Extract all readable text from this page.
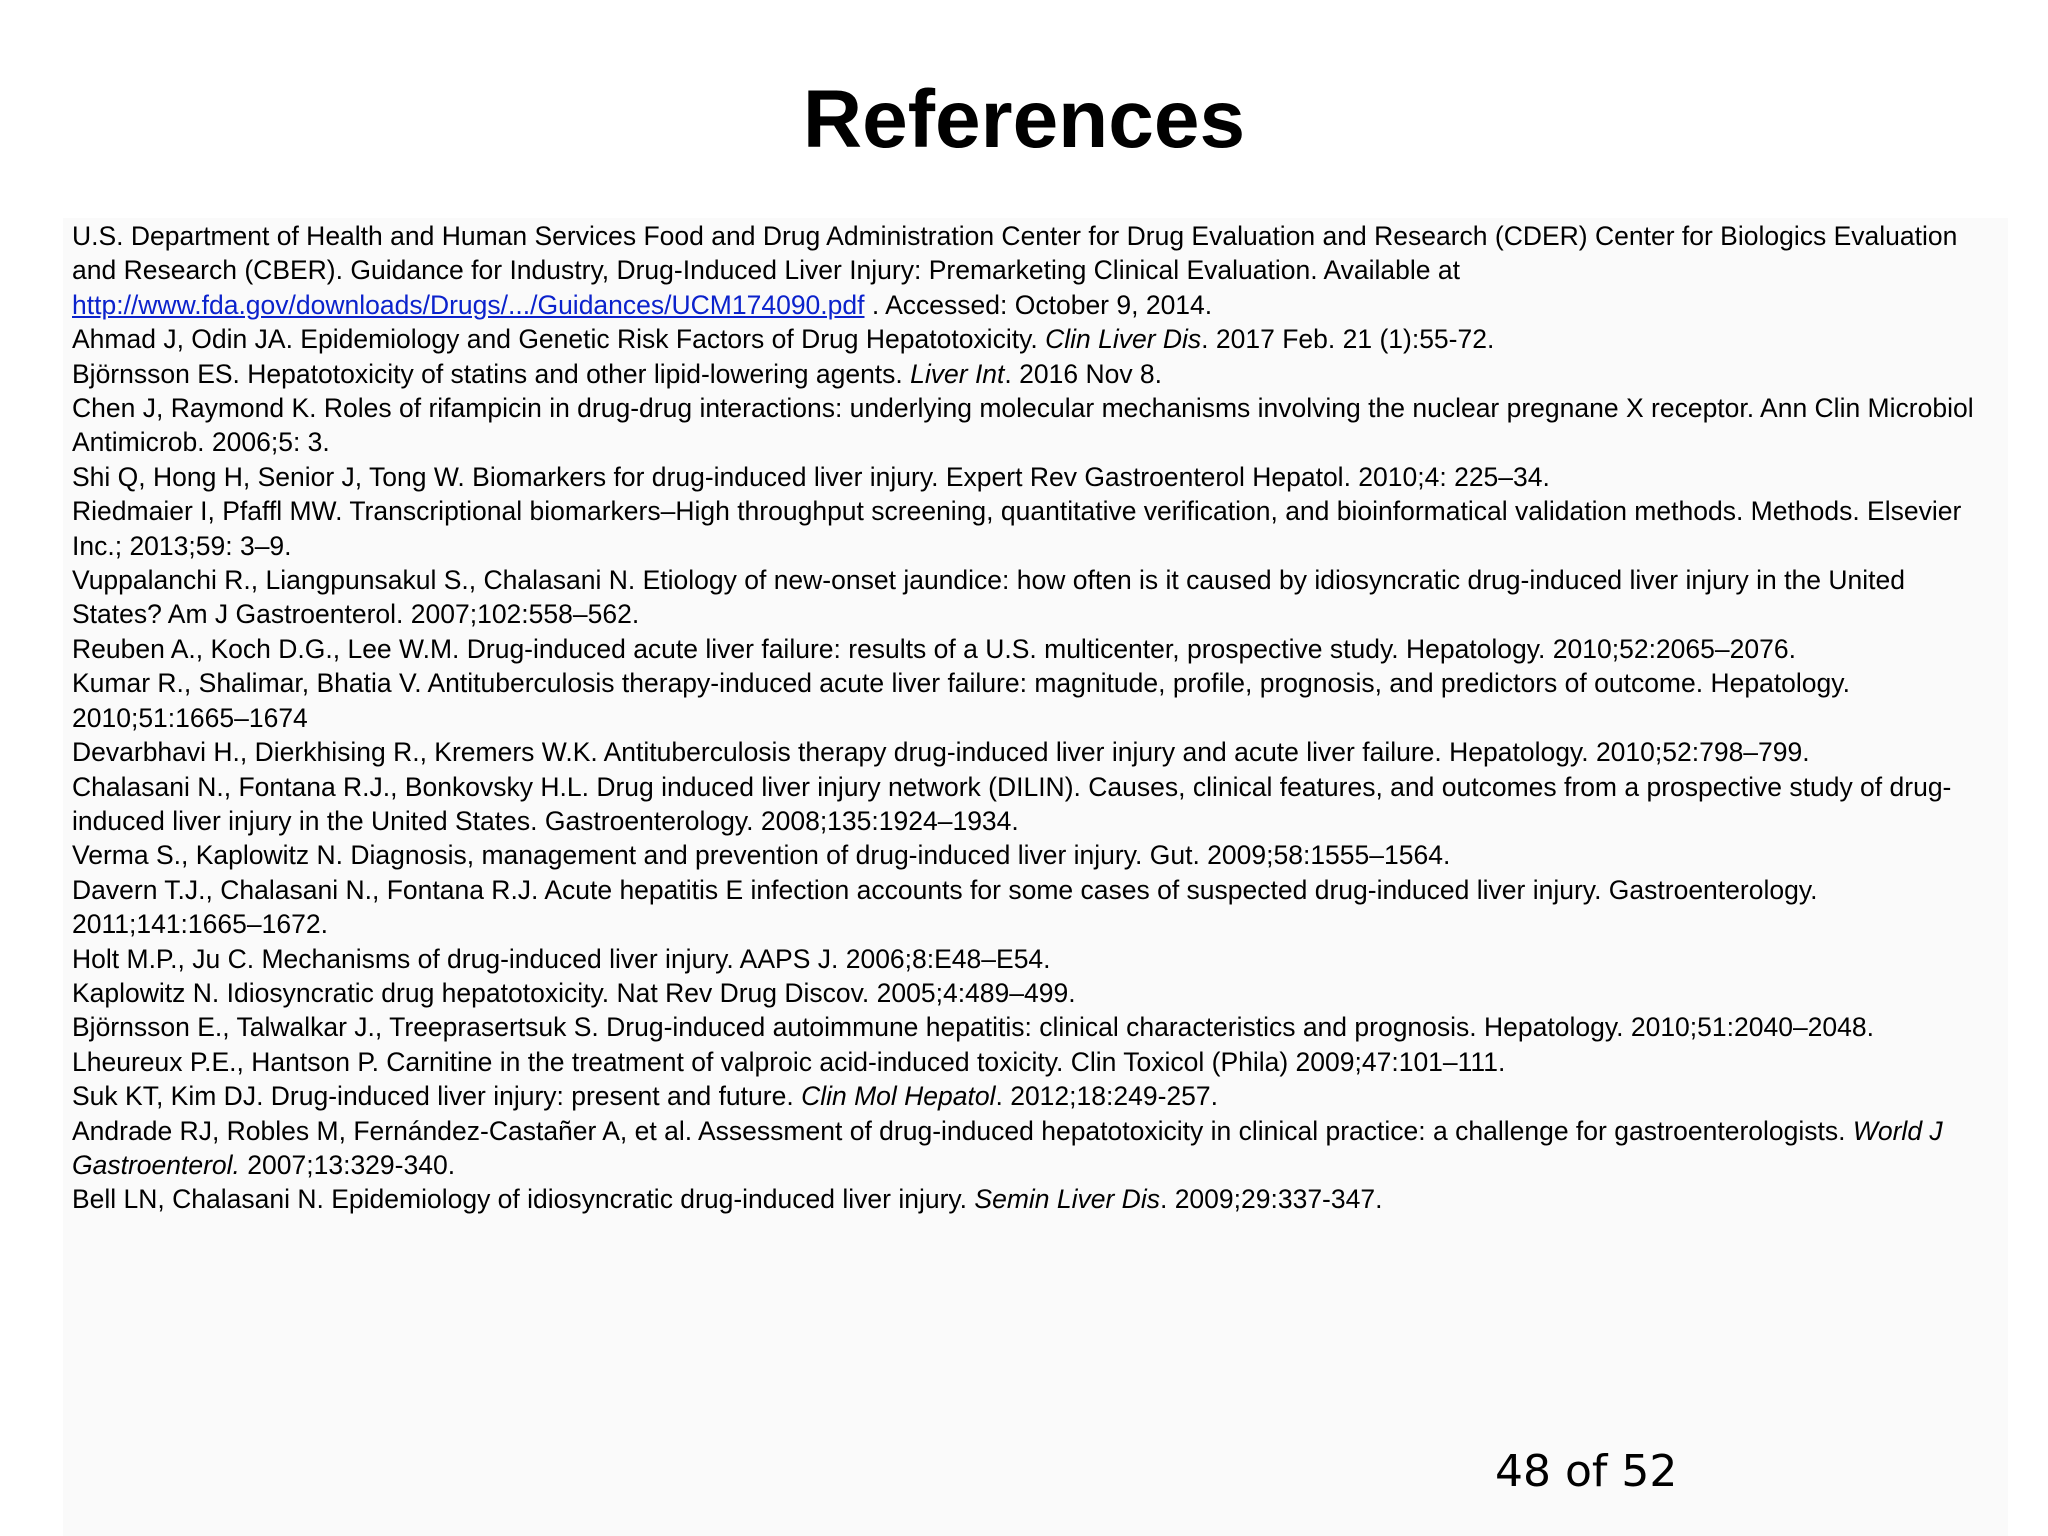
References
U.S. Department of Health and Human Services Food and Drug Administration Center for Drug Evaluation and Research (CDER) Center for Biologics Evaluation and Research (CBER). Guidance for Industry, Drug-Induced Liver Injury: Premarketing Clinical Evaluation. Available at http://www.fda.gov/downloads/Drugs/.../Guidances/UCM174090.pdf . Accessed: October 9, 2014.
Ahmad J, Odin JA. Epidemiology and Genetic Risk Factors of Drug Hepatotoxicity. Clin Liver Dis. 2017 Feb. 21 (1):55-72.
Björnsson ES. Hepatotoxicity of statins and other lipid-lowering agents. Liver Int. 2016 Nov 8.
Chen J, Raymond K. Roles of rifampicin in drug-drug interactions: underlying molecular mechanisms involving the nuclear pregnane X receptor. Ann Clin Microbiol Antimicrob. 2006;5: 3.
Shi Q, Hong H, Senior J, Tong W. Biomarkers for drug-induced liver injury. Expert Rev Gastroenterol Hepatol. 2010;4: 225–34.
Riedmaier I, Pfaffl MW. Transcriptional biomarkers–High throughput screening, quantitative verification, and bioinformatical validation methods. Methods. Elsevier Inc.; 2013;59: 3–9.
Vuppalanchi R., Liangpunsakul S., Chalasani N. Etiology of new-onset jaundice: how often is it caused by idiosyncratic drug-induced liver injury in the United States? Am J Gastroenterol. 2007;102:558–562.
Reuben A., Koch D.G., Lee W.M. Drug-induced acute liver failure: results of a U.S. multicenter, prospective study. Hepatology. 2010;52:2065–2076.
Kumar R., Shalimar, Bhatia V. Antituberculosis therapy-induced acute liver failure: magnitude, profile, prognosis, and predictors of outcome. Hepatology. 2010;51:1665–1674
Devarbhavi H., Dierkhising R., Kremers W.K. Antituberculosis therapy drug-induced liver injury and acute liver failure. Hepatology. 2010;52:798–799.
Chalasani N., Fontana R.J., Bonkovsky H.L. Drug induced liver injury network (DILIN). Causes, clinical features, and outcomes from a prospective study of drug-induced liver injury in the United States. Gastroenterology. 2008;135:1924–1934.
Verma S., Kaplowitz N. Diagnosis, management and prevention of drug-induced liver injury. Gut. 2009;58:1555–1564.
Davern T.J., Chalasani N., Fontana R.J. Acute hepatitis E infection accounts for some cases of suspected drug-induced liver injury. Gastroenterology. 2011;141:1665–1672.
Holt M.P., Ju C. Mechanisms of drug-induced liver injury. AAPS J. 2006;8:E48–E54.
Kaplowitz N. Idiosyncratic drug hepatotoxicity. Nat Rev Drug Discov. 2005;4:489–499.
Björnsson E., Talwalkar J., Treeprasertsuk S. Drug-induced autoimmune hepatitis: clinical characteristics and prognosis. Hepatology. 2010;51:2040–2048.
Lheureux P.E., Hantson P. Carnitine in the treatment of valproic acid-induced toxicity. Clin Toxicol (Phila) 2009;47:101–111.
Suk KT, Kim DJ. Drug-induced liver injury: present and future. Clin Mol Hepatol. 2012;18:249-257.
Andrade RJ, Robles M, Fernández-Castañer A, et al. Assessment of drug-induced hepatotoxicity in clinical practice: a challenge for gastroenterologists. World J Gastroenterol. 2007;13:329-340.
Bell LN, Chalasani N. Epidemiology of idiosyncratic drug-induced liver injury. Semin Liver Dis. 2009;29:337-347.
48 of 52
